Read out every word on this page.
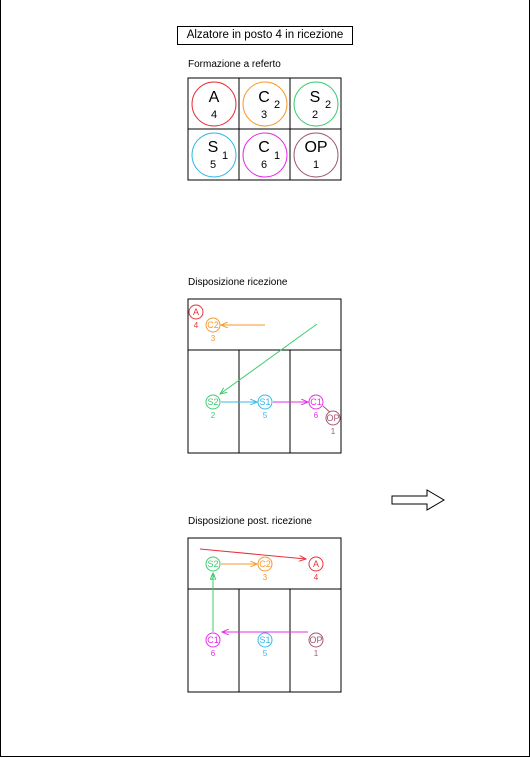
Alzatore in posto 4 in ricezione
Formazione a referto
Disposizione ricezione
Disposizione post. ricezione
A
4
C 2
3
S 2
2
S 1
5
C 1
6
OP
1
A
4 C2
3
S2
2
S1
5
C1
6 OP
1
S2
2
C2
3
A
4
C1
6
S1
5
OP
1
